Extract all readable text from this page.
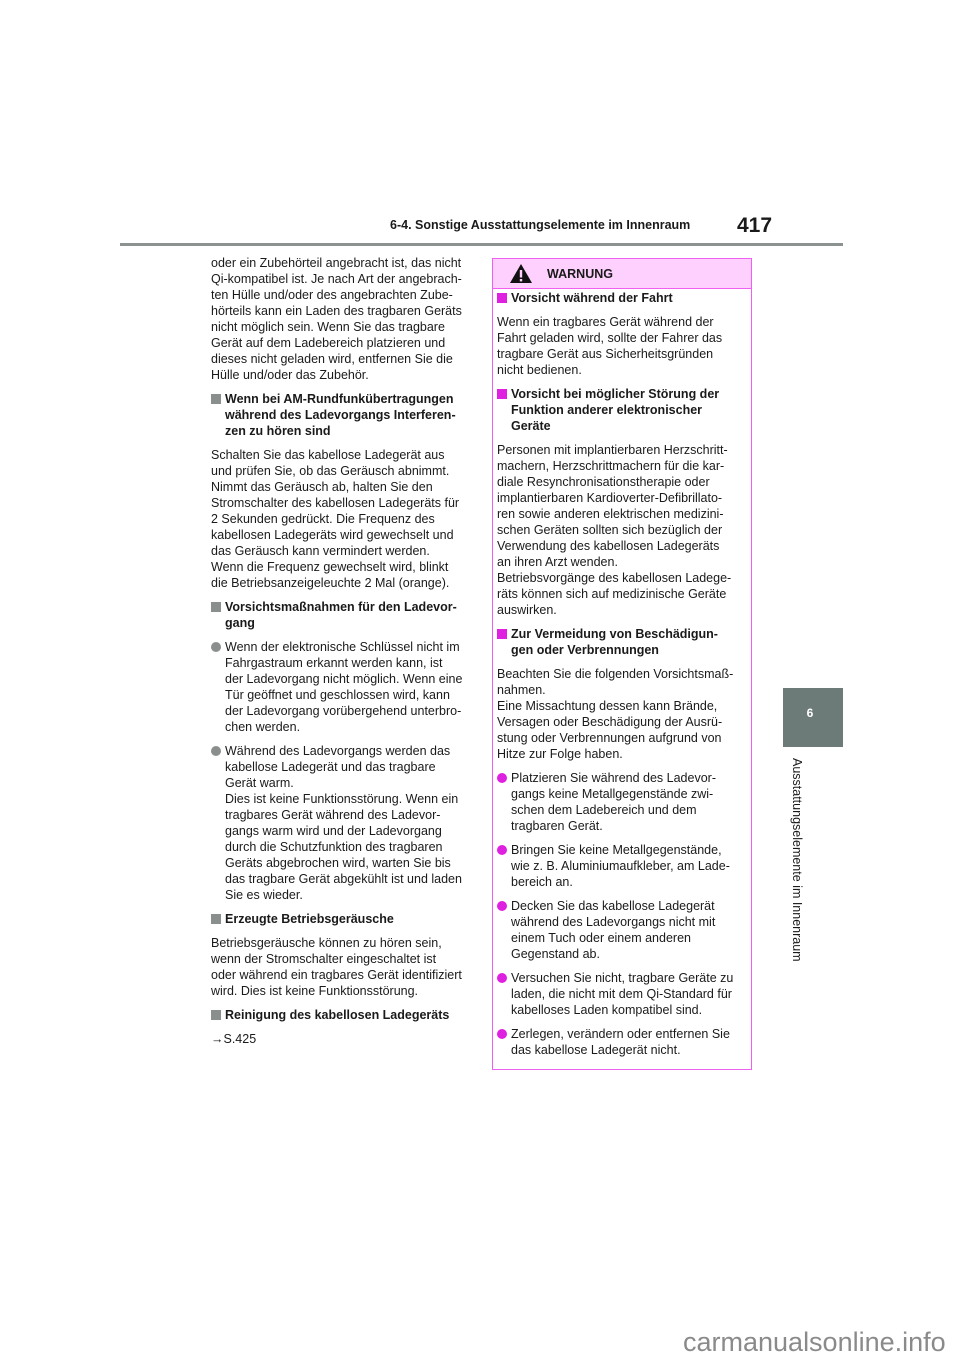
6-4. Sonstige Ausstattungselemente im Innenraum 417
6
Ausstattungselemente im Innenraum
oder ein Zubehörteil angebracht ist, das nicht
Qi-kompatibel ist. Je nach Art der angebrach-
ten Hülle und/oder des angebrachten Zube-
hörteils kann ein Laden des tragbaren Geräts
nicht möglich sein. Wenn Sie das tragbare
Gerät auf dem Ladebereich platzieren und
dieses nicht geladen wird, entfernen Sie die
Hülle und/oder das Zubehör.
Wenn bei AM-Rundfunkübertragungen
während des Ladevorgangs Interferen-
zen zu hören sind
Schalten Sie das kabellose Ladegerät aus
und prüfen Sie, ob das Geräusch abnimmt.
Nimmt das Geräusch ab, halten Sie den
Stromschalter des kabellosen Ladegeräts für
2 Sekunden gedrückt. Die Frequenz des
kabellosen Ladegeräts wird gewechselt und
das Geräusch kann vermindert werden.
Wenn die Frequenz gewechselt wird, blinkt
die Betriebsanzeigeleuchte 2 Mal (orange).
Vorsichtsmaßnahmen für den Ladevor-
gang
Wenn der elektronische Schlüssel nicht im
Fahrgastraum erkannt werden kann, ist
der Ladevorgang nicht möglich. Wenn eine
Tür geöffnet und geschlossen wird, kann
der Ladevorgang vorübergehend unterbro-
chen werden.
Während des Ladevorgangs werden das
kabellose Ladegerät und das tragbare
Gerät warm.
Dies ist keine Funktionsstörung. Wenn ein
tragbares Gerät während des Ladevor-
gangs warm wird und der Ladevorgang
durch die Schutzfunktion des tragbaren
Geräts abgebrochen wird, warten Sie bis
das tragbare Gerät abgekühlt ist und laden
Sie es wieder.
Erzeugte Betriebsgeräusche
Betriebsgeräusche können zu hören sein,
wenn der Stromschalter eingeschaltet ist
oder während ein tragbares Gerät identifiziert
wird. Dies ist keine Funktionsstörung.
Reinigung des kabellosen Ladegeräts
→S.425
WARNUNG
Vorsicht während der Fahrt
Wenn ein tragbares Gerät während der
Fahrt geladen wird, sollte der Fahrer das
tragbare Gerät aus Sicherheitsgründen
nicht bedienen.
Vorsicht bei möglicher Störung der
Funktion anderer elektronischer
Geräte
Personen mit implantierbaren Herzschritt-
machern, Herzschrittmachern für die kar-
diale Resynchronisationstherapie oder
implantierbaren Kardioverter-Defibrillato-
ren sowie anderen elektrischen medizini-
schen Geräten sollten sich bezüglich der
Verwendung des kabellosen Ladegeräts
an ihren Arzt wenden.
Betriebsvorgänge des kabellosen Ladege-
räts können sich auf medizinische Geräte
auswirken.
Zur Vermeidung von Beschädigun-
gen oder Verbrennungen
Beachten Sie die folgenden Vorsichtsmaß-
nahmen.
Eine Missachtung dessen kann Brände,
Versagen oder Beschädigung der Ausrü-
stung oder Verbrennungen aufgrund von
Hitze zur Folge haben.
Platzieren Sie während des Ladevor-
gangs keine Metallgegenstände zwi-
schen dem Ladebereich und dem
tragbaren Gerät.
Bringen Sie keine Metallgegenstände,
wie z. B. Aluminiumaufkleber, am Lade-
bereich an.
Decken Sie das kabellose Ladegerät
während des Ladevorgangs nicht mit
einem Tuch oder einem anderen
Gegenstand ab.
Versuchen Sie nicht, tragbare Geräte zu
laden, die nicht mit dem Qi-Standard für
kabelloses Laden kompatibel sind.
Zerlegen, verändern oder entfernen Sie
das kabellose Ladegerät nicht.
carmanualsonline.info
